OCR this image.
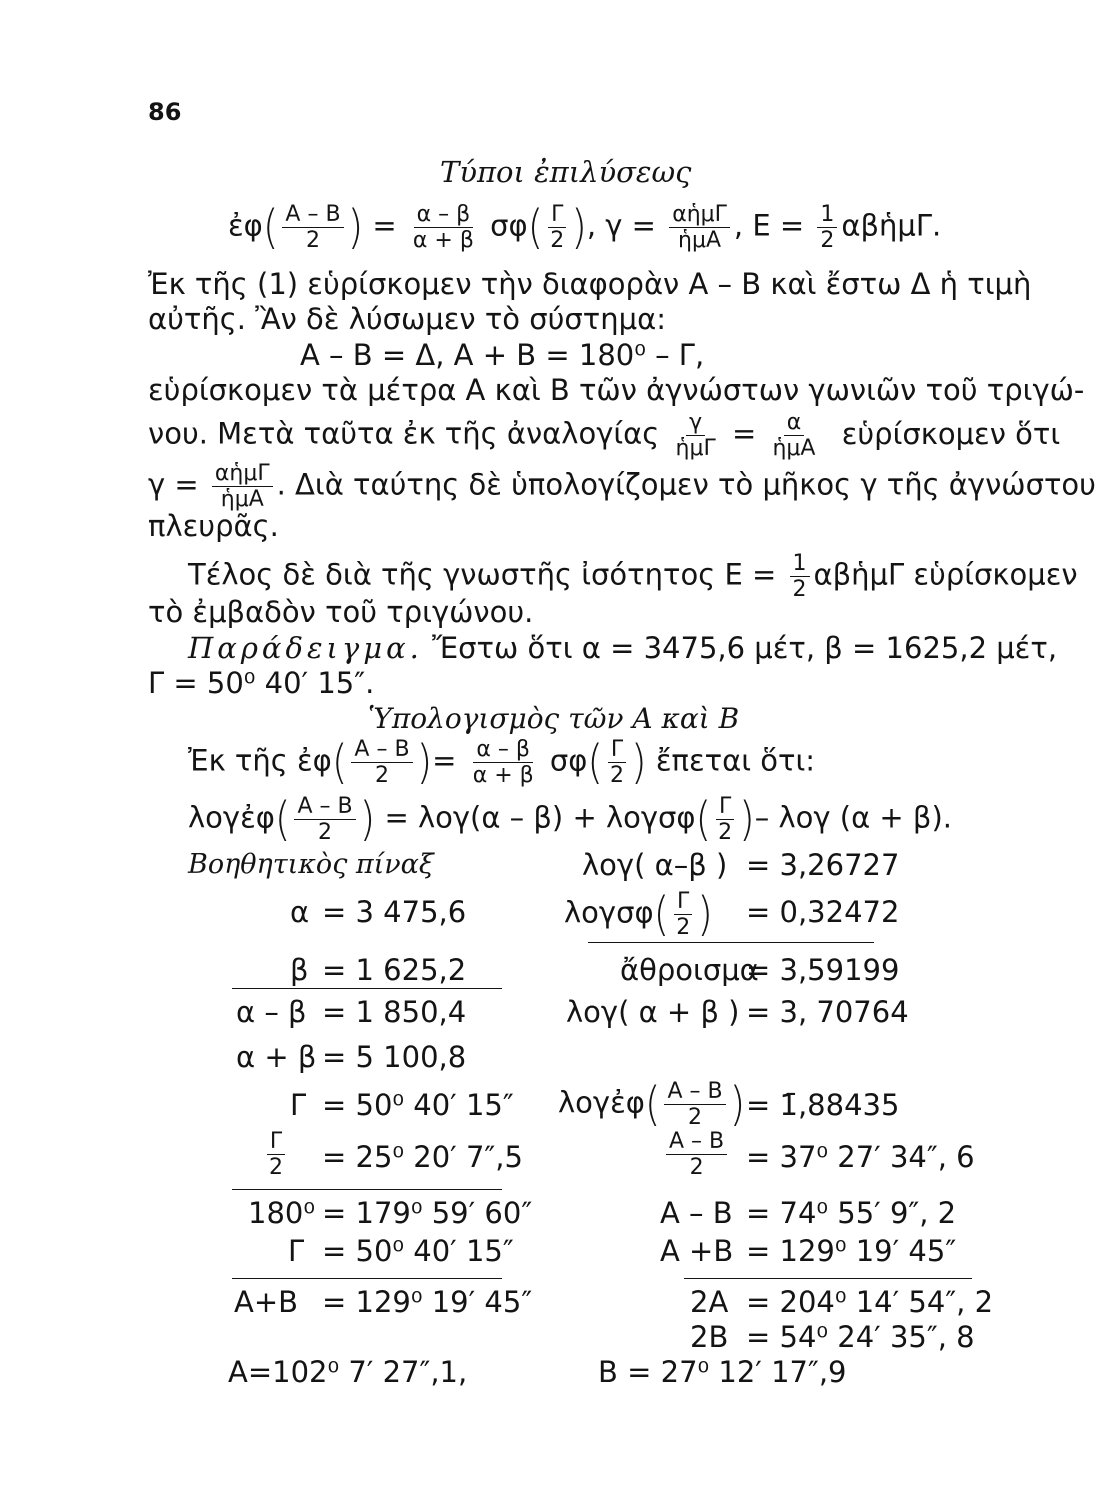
86
Τύποι ἐπιλύσεως
ἐφ( $\frac{A - B}{2}$ ) = $\frac{\alpha - \beta}{\alpha + \beta} \sigma\varphi( \frac{\Gamma}{2}$ ), $\gamma = \frac{\text{αἡμΓ}}{\text{ἡμΑ}}$ , $E = \frac{1}{2}$ αβἡμΓ.
Ἐκ τῆς (1) εὑρίσκομεν τὴν διαφορὰν Α – Β καὶ ἔστω Δ ἡ τιμὴ
αὐτῆς. Ἂν δὲ λύσωμεν τὸ σύστημα:
Α – Β = Δ, Α + Β = 180⁰ – Γ,
εὑρίσκομεν τὰ μέτρα Α καὶ Β τῶν ἀγνώστων γωνιῶν τοῦ τριγώ-
νου. Μετὰ ταῦτα ἐκ τῆς ἀναλογίας $\frac{\gamma}{\text{ἡμΓ}} = \frac{\alpha}{\text{ἡμΑ}}$ εὑρίσκομεν ὅτι
$\gamma = \frac{\text{αἡμΓ}}{\text{ἡμΑ}}$ . Διὰ ταύτης δὲ ὑπολογίζομεν τὸ μῆκος γ τῆς ἀγνώστου
πλευρᾶς.
Τέλος δὲ διὰ τῆς γνωστῆς ἰσότητος $E = \frac{1}{2}$ αβἡμΓ εὑρίσκομεν
τὸ ἐμβαδὸν τοῦ τριγώνου.
Παράδειγμα. Ἔστω ὅτι α = 3475,6 μέτ, β = 1625,2 μέτ,
Γ = 50⁰ 40′ 15″.
Ὑπολογισμὸς τῶν Α καὶ Β
Ἐκ τῆς ἐφ( $\frac{A - B}{2}$ )= $\frac{\alpha - \beta}{\alpha + \beta} \sigma\varphi( \frac{\Gamma}{2}$ ) ἔπεται ὅτι:
λογἐφ( $\frac{A - B}{2}$ ) = $\lambda o\gamma(\alpha - \beta) + \lambda o\gamma\sigma\varphi( \frac{\Gamma}{2}$ )– λογ (α + β).
Βοηθητικὸς πίναξ
α = 3 475,6
β = 1 625,2
α – β = 1 850,4
α + β = 5 100,8
Γ = 50⁰ 40′ 15″
$\frac{\Gamma}{2} = 25^0$ 20′ 7″,5
180⁰ = 179⁰ 59′ 60″
Γ = 50⁰ 40′ 15″
Α+Β = 129⁰ 19′ 45″
Α=102⁰ 7′ 27″,1,
λογ( α–β ) = 3,26727
$\lambda o\gamma\sigma\varphi( \frac{\Gamma}{2}$ ) = 0,32472
ἄθροισμα
= 3,59199
λογ( α + β ) = 3, 70764
λογἐφ( $\frac{A - B}{2}$ ) = 1̄,88435
$\frac{A - B}{2} = 37^0$ 27′ 34″, 6
Α – Β = 74⁰ 55′ 9″, 2
Α +Β = 129⁰ 19′ 45″
2Α = 204⁰ 14′ 54″, 2
2Β = 54⁰ 24′ 35″, 8
Β = 27⁰ 12′ 17″,9
